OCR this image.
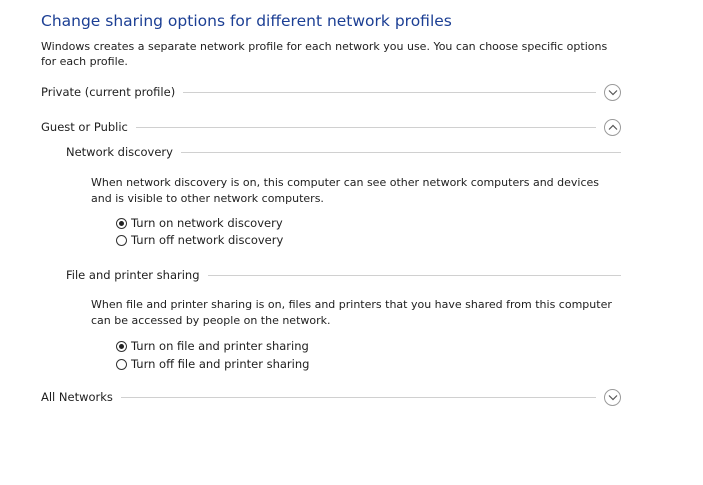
Change sharing options for different network profiles
Windows creates a separate network profile for each network you use. You can choose specific options for each profile.
Private (current profile)
Guest or Public
Network discovery
When network discovery is on, this computer can see other network computers and devices and is visible to other network computers.
Turn on network discovery
Turn off network discovery
File and printer sharing
When file and printer sharing is on, files and printers that you have shared from this computer can be accessed by people on the network.
Turn on file and printer sharing
Turn off file and printer sharing
All Networks
